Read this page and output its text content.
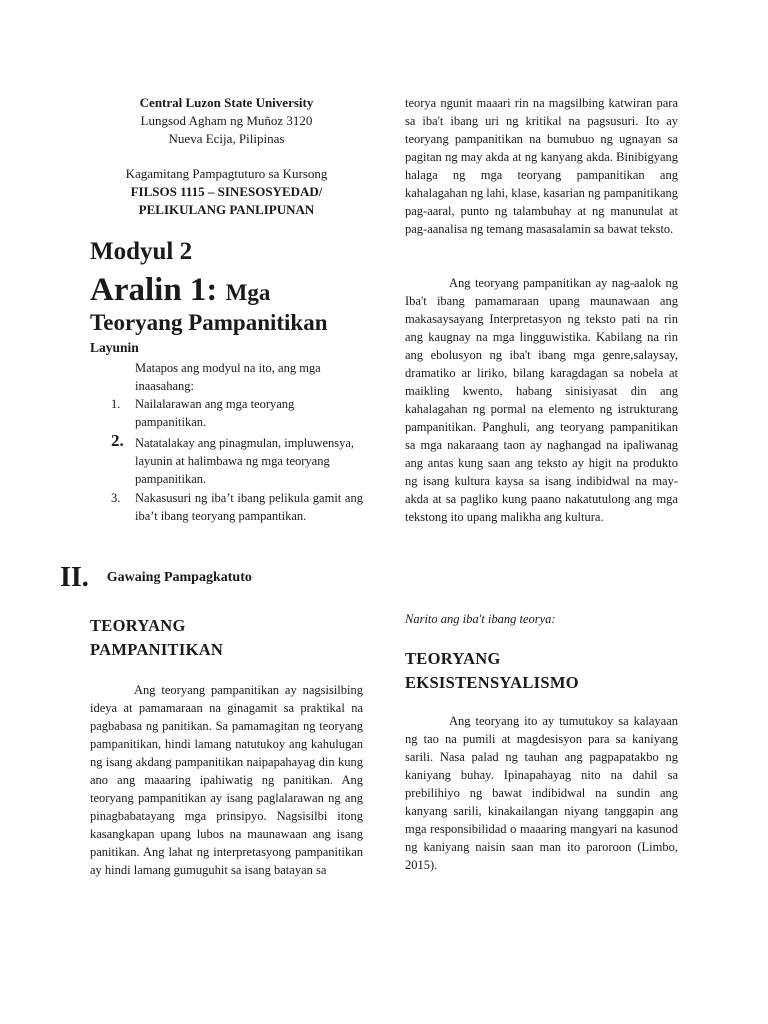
Central Luzon State University

Lungsod Agham ng Muñoz 3120

Nueva Ecija, Pilipinas

Kagamitang Pampagtuturo sa Kursong

FILSOS 1115 – SINESOSYEDAD/

PELIKULANG PANLIPUNAN

Modyul 2
Aralin 1: Mga
Teoryang Pampanitikan
Layunin

Matapos ang modyul na ito, ang mga inaasahang:

1. Nailalarawan ang mga teoryang pampanitikan.

2. Natatalakay ang pinagmulan, impluwensya, layunin at halimbawa ng mga teoryang pampanitikan.

3. Nakasusuri ng iba’t ibang pelikula gamit ang iba’t ibang teoryang pampantikan.

II. Gawaing Pampagkatuto

TEORYANG

PAMPANITIKAN

Ang teoryang pampanitikan ay nagsisilbing ideya at pamamaraan na ginagamit sa praktikal na pagbabasa ng panitikan. Sa pamamagitan ng teoryang pampanitikan, hindi lamang natutukoy ang kahulugan ng isang akdang pampanitikan naipapahayag din kung ano ang maaaring ipahiwatig ng panitikan. Ang teoryang pampanitikan ay isang paglalarawan ng ang pinagbabatayang mga prinsipyo. Nagsisilbi itong kasangkapan upang lubos na maunawaan ang isang panitikan. Ang lahat ng interpretasyong pampanitikan ay hindi lamang gumuguhit sa isang batayan sa

teorya ngunit maaari rin na magsilbing katwiran para sa iba't ibang uri ng kritikal na pagsusuri. Ito ay teoryang pampanitikan na bumubuo ng ugnayan sa pagitan ng may akda at ng kanyang akda. Binibigyang halaga ng mga teoryang pampanitikan ang kahalagahan ng lahi, klase, kasarian ng pampanitikang pag-aaral, punto ng talambuhay at ng manunulat at pag-aanalisa ng temang masasalamin sa bawat teksto.

Ang teoryang pampanitikan ay nag-aalok ng Iba't ibang pamamaraan upang maunawaan ang makasaysayang Interpretasyon ng teksto pati na rin ang kaugnay na mga lingguwistika. Kabilang na rin ang ebolusyon ng iba't ibang mga genre,salaysay, dramatiko ar liriko, bilang karagdagan sa nobela at maikling kwento, habang sinisiyasat din ang kahalagahan ng pormal na elemento ng istrukturang pampanitikan. Panghuli, ang teoryang pampanitikan sa mga nakaraang taon ay naghangad na ipaliwanag ang antas kung saan ang teksto ay higit na produkto ng isang kultura kaysa sa isang indibidwal na may-akda at sa pagliko kung paano nakatutulong ang mga tekstong ito upang malikha ang kultura.

Narito ang iba't ibang teorya:

TEORYANG

EKSISTENSYALISMO

Ang teoryang ito ay tumutukoy sa kalayaan ng tao na pumili at magdesisyon para sa kaniyang sarili. Nasa palad ng tauhan ang pagpapatakbo ng kaniyang buhay. Ipinapahayag nito na dahil sa prebilihiyo ng bawat indibidwal na sundin ang kanyang sarili, kinakailangan niyang tanggapin ang mga responsibilidad o maaaring mangyari na kasunod ng kaniyang naisin saan man ito paroroon (Limbo, 2015).
